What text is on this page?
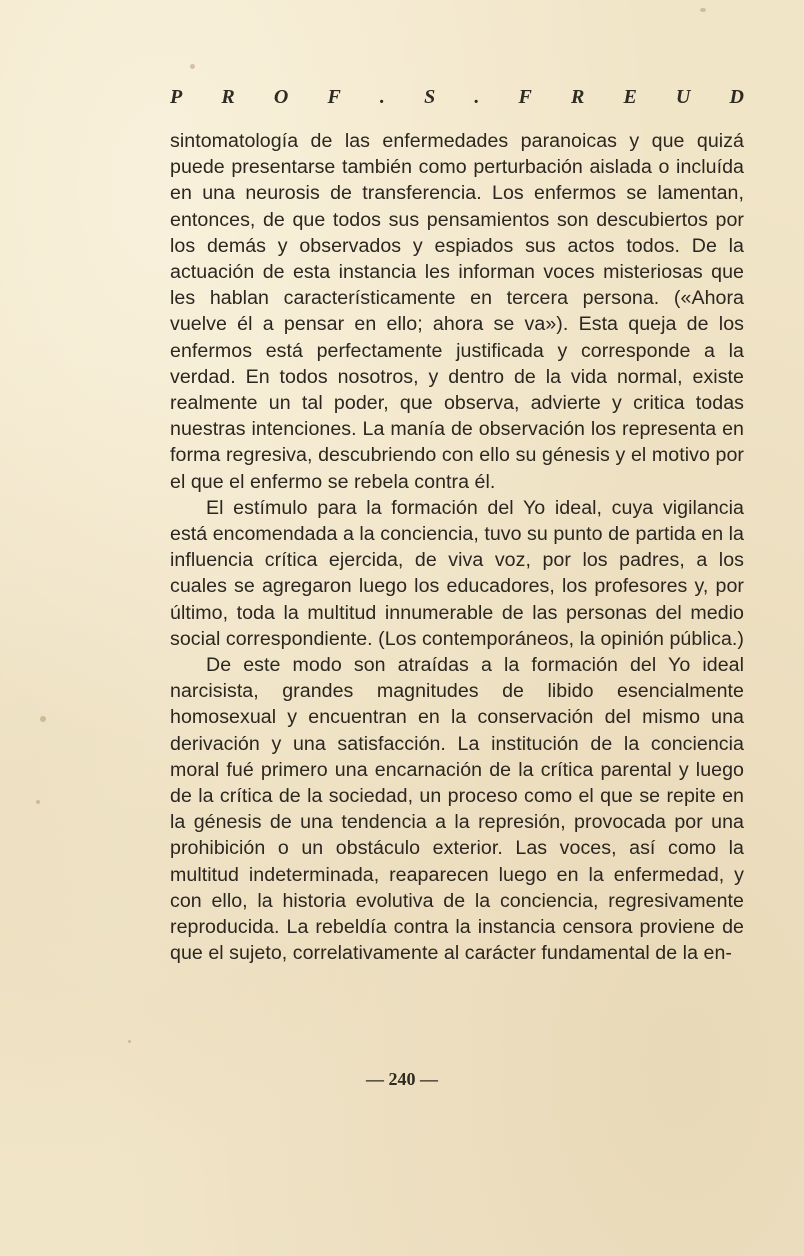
P R O F . S . F R E U D

sintomatología de las enfermedades paranoicas y que quizá puede presentarse también como perturbación aislada o incluída en una neurosis de transferencia. Los enfermos se lamentan, entonces, de que todos sus pensamientos son descubiertos por los demás y observados y espiados sus actos todos. De la actuación de esta instancia les informan voces misteriosas que les hablan característicamente en tercera persona. («Ahora vuelve él a pensar en ello; ahora se va»). Esta queja de los enfermos está perfectamente justificada y corresponde a la verdad. En todos nosotros, y dentro de la vida normal, existe realmente un tal poder, que observa, advierte y critica todas nuestras intenciones. La manía de observación los representa en forma regresiva, descubriendo con ello su génesis y el motivo por el que el enfermo se rebela contra él.

El estímulo para la formación del Yo ideal, cuya vigilancia está encomendada a la conciencia, tuvo su punto de partida en la influencia crítica ejercida, de viva voz, por los padres, a los cuales se agregaron luego los educadores, los profesores y, por último, toda la multitud innumerable de las personas del medio social correspondiente. (Los contemporáneos, la opinión pública.)

De este modo son atraídas a la formación del Yo ideal narcisista, grandes magnitudes de libido esencialmente homosexual y encuentran en la conservación del mismo una derivación y una satisfacción. La institución de la conciencia moral fué primero una encarnación de la crítica parental y luego de la crítica de la sociedad, un proceso como el que se repite en la génesis de una tendencia a la represión, provocada por una prohibición o un obstáculo exterior. Las voces, así como la multitud indeterminada, reaparecen luego en la enfermedad, y con ello, la historia evolutiva de la conciencia, regresivamente reproducida. La rebeldía contra la instancia censora proviene de que el sujeto, correlativamente al carácter fundamental de la en-

— 240 —
